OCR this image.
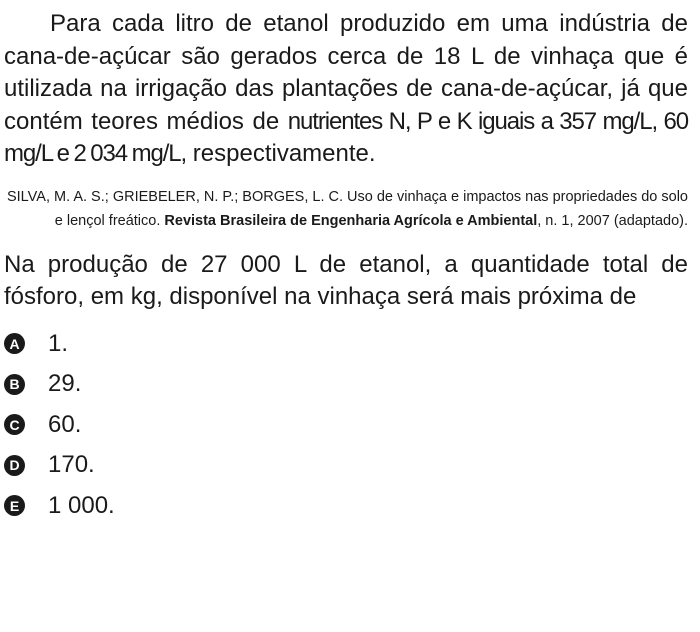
Para cada litro de etanol produzido em uma indústria de cana-de-açúcar são gerados cerca de 18 L de vinhaça que é utilizada na irrigação das plantações de cana-de-açúcar, já que contém teores médios de nutrientes N, P e K iguais a 357 mg/L, 60 mg/L e 2 034 mg/L, respectivamente.

SILVA, M. A. S.; GRIEBELER, N. P.; BORGES, L. C. Uso de vinhaça e impactos nas propriedades do solo e lençol freático. Revista Brasileira de Engenharia Agrícola e Ambiental, n. 1, 2007 (adaptado).

Na produção de 27 000 L de etanol, a quantidade total de fósforo, em kg, disponível na vinhaça será mais próxima de

A 1.
B 29.
C 60.
D 170.
E 1 000.
